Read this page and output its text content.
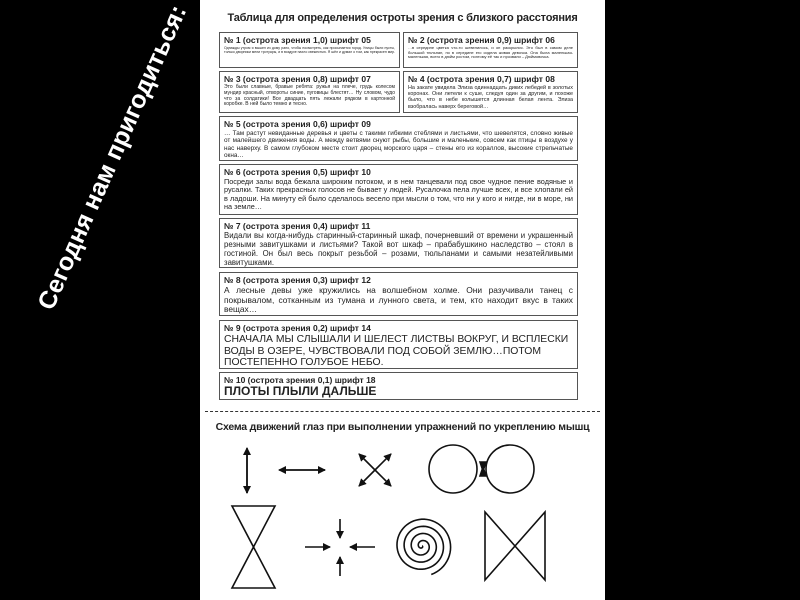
Сегодня нам пригодиться:	Таблица для определения остроты зрения с близкого расстояния
№ 1 (острота зрения 1,0) шрифт 05
Однажды утром я вышел из дому рано, чтобы посмотреть, как просыпается город. Улицы были пусты, только дворники мели тротуары, и в воздухе пахло свежестью. Я шёл и думал о том, как прекрасен мир.
№ 2 (острота зрения 0,9) шрифт 06
…в середине цветка что-то шевелилось, и он раскрылся. Это был в самом деле большой тюльпан, но в середине его сидела живая девочка. Она была маленькая-маленькая, всего в дюйм ростом, поэтому её так и прозвали – Дюймовочка.
№ 3 (острота зрения 0,8) шрифт 07
Это были славные, бравые ребята: ружья на плече, грудь колесом мундир красный, отвороты синие, пуговицы блестят… Ну словом, чудо что за солдатики! Все двадцать пять лежали рядком в картонной коробке. В ней было темно и тесно.
№ 4 (острота зрения 0,7) шрифт 08
На закате увидела Элиза одиннадцать диких лебедей в золотых коронах. Они летели к суше, следуя один за другим, и похоже было, что в небе колышется длинная белая лента. Элиза взобралась наверх береговой…
№ 5 (острота зрения 0,6) шрифт 09
… Там растут невиданные деревья и цветы с такими гибкими стеблями и листьями, что шевелятся, словно живые от малейшего движения воды. А между ветвями снуют рыбы, большие и маленькие, совсем как птицы в воздухе у нас наверху. В самом глубоком месте стоит дворец морского царя – стены его из кораллов, высокие стрельчатые окна…
№ 6 (острота зрения 0,5) шрифт 10
Посреди залы вода бежала широким потоком, и в нем танцевали под свое чудное пение водяные и русалки. Таких прекрасных голосов не бывает у людей. Русалочка пела лучше всех, и все хлопали ей в ладоши. На минуту ей было сделалось весело при мысли о том, что ни у кого и нигде, ни в море, ни на земле…
№ 7 (острота зрения 0,4) шрифт 11
Видали вы когда-нибудь старинный-старинный шкаф, почерневший от времени и украшенный резными завитушками и листьями? Такой вот шкаф – прабабушкино наследство – стоял в гостиной. Он был весь покрыт резьбой – розами, тюльпанами и самыми незатейливыми завитушками.
№ 8 (острота зрения 0,3) шрифт 12
А лесные девы уже кружились на волшебном холме. Они разучивали танец с покрывалом, сотканным из тумана и лунного света, и тем, кто находит вкус в таких вещах…
№ 9 (острота зрения 0,2) шрифт 14
СНАЧАЛА МЫ СЛЫШАЛИ И ШЕЛЕСТ ЛИСТВЫ ВОКРУГ, И ВСПЛЕСКИ ВОДЫ В ОЗЕРЕ, ЧУВСТВОВАЛИ ПОД СОБОЙ ЗЕМЛЮ…ПОТОМ ПОСТЕПЕННО ГОЛУБОЕ НЕБО.
№ 10 (острота зрения 0,1) шрифт 18
ПЛОТЫ ПЛЫЛИ ДАЛЬШЕ
Схема движений глаз при выполнении упражнений по укреплению мышц
